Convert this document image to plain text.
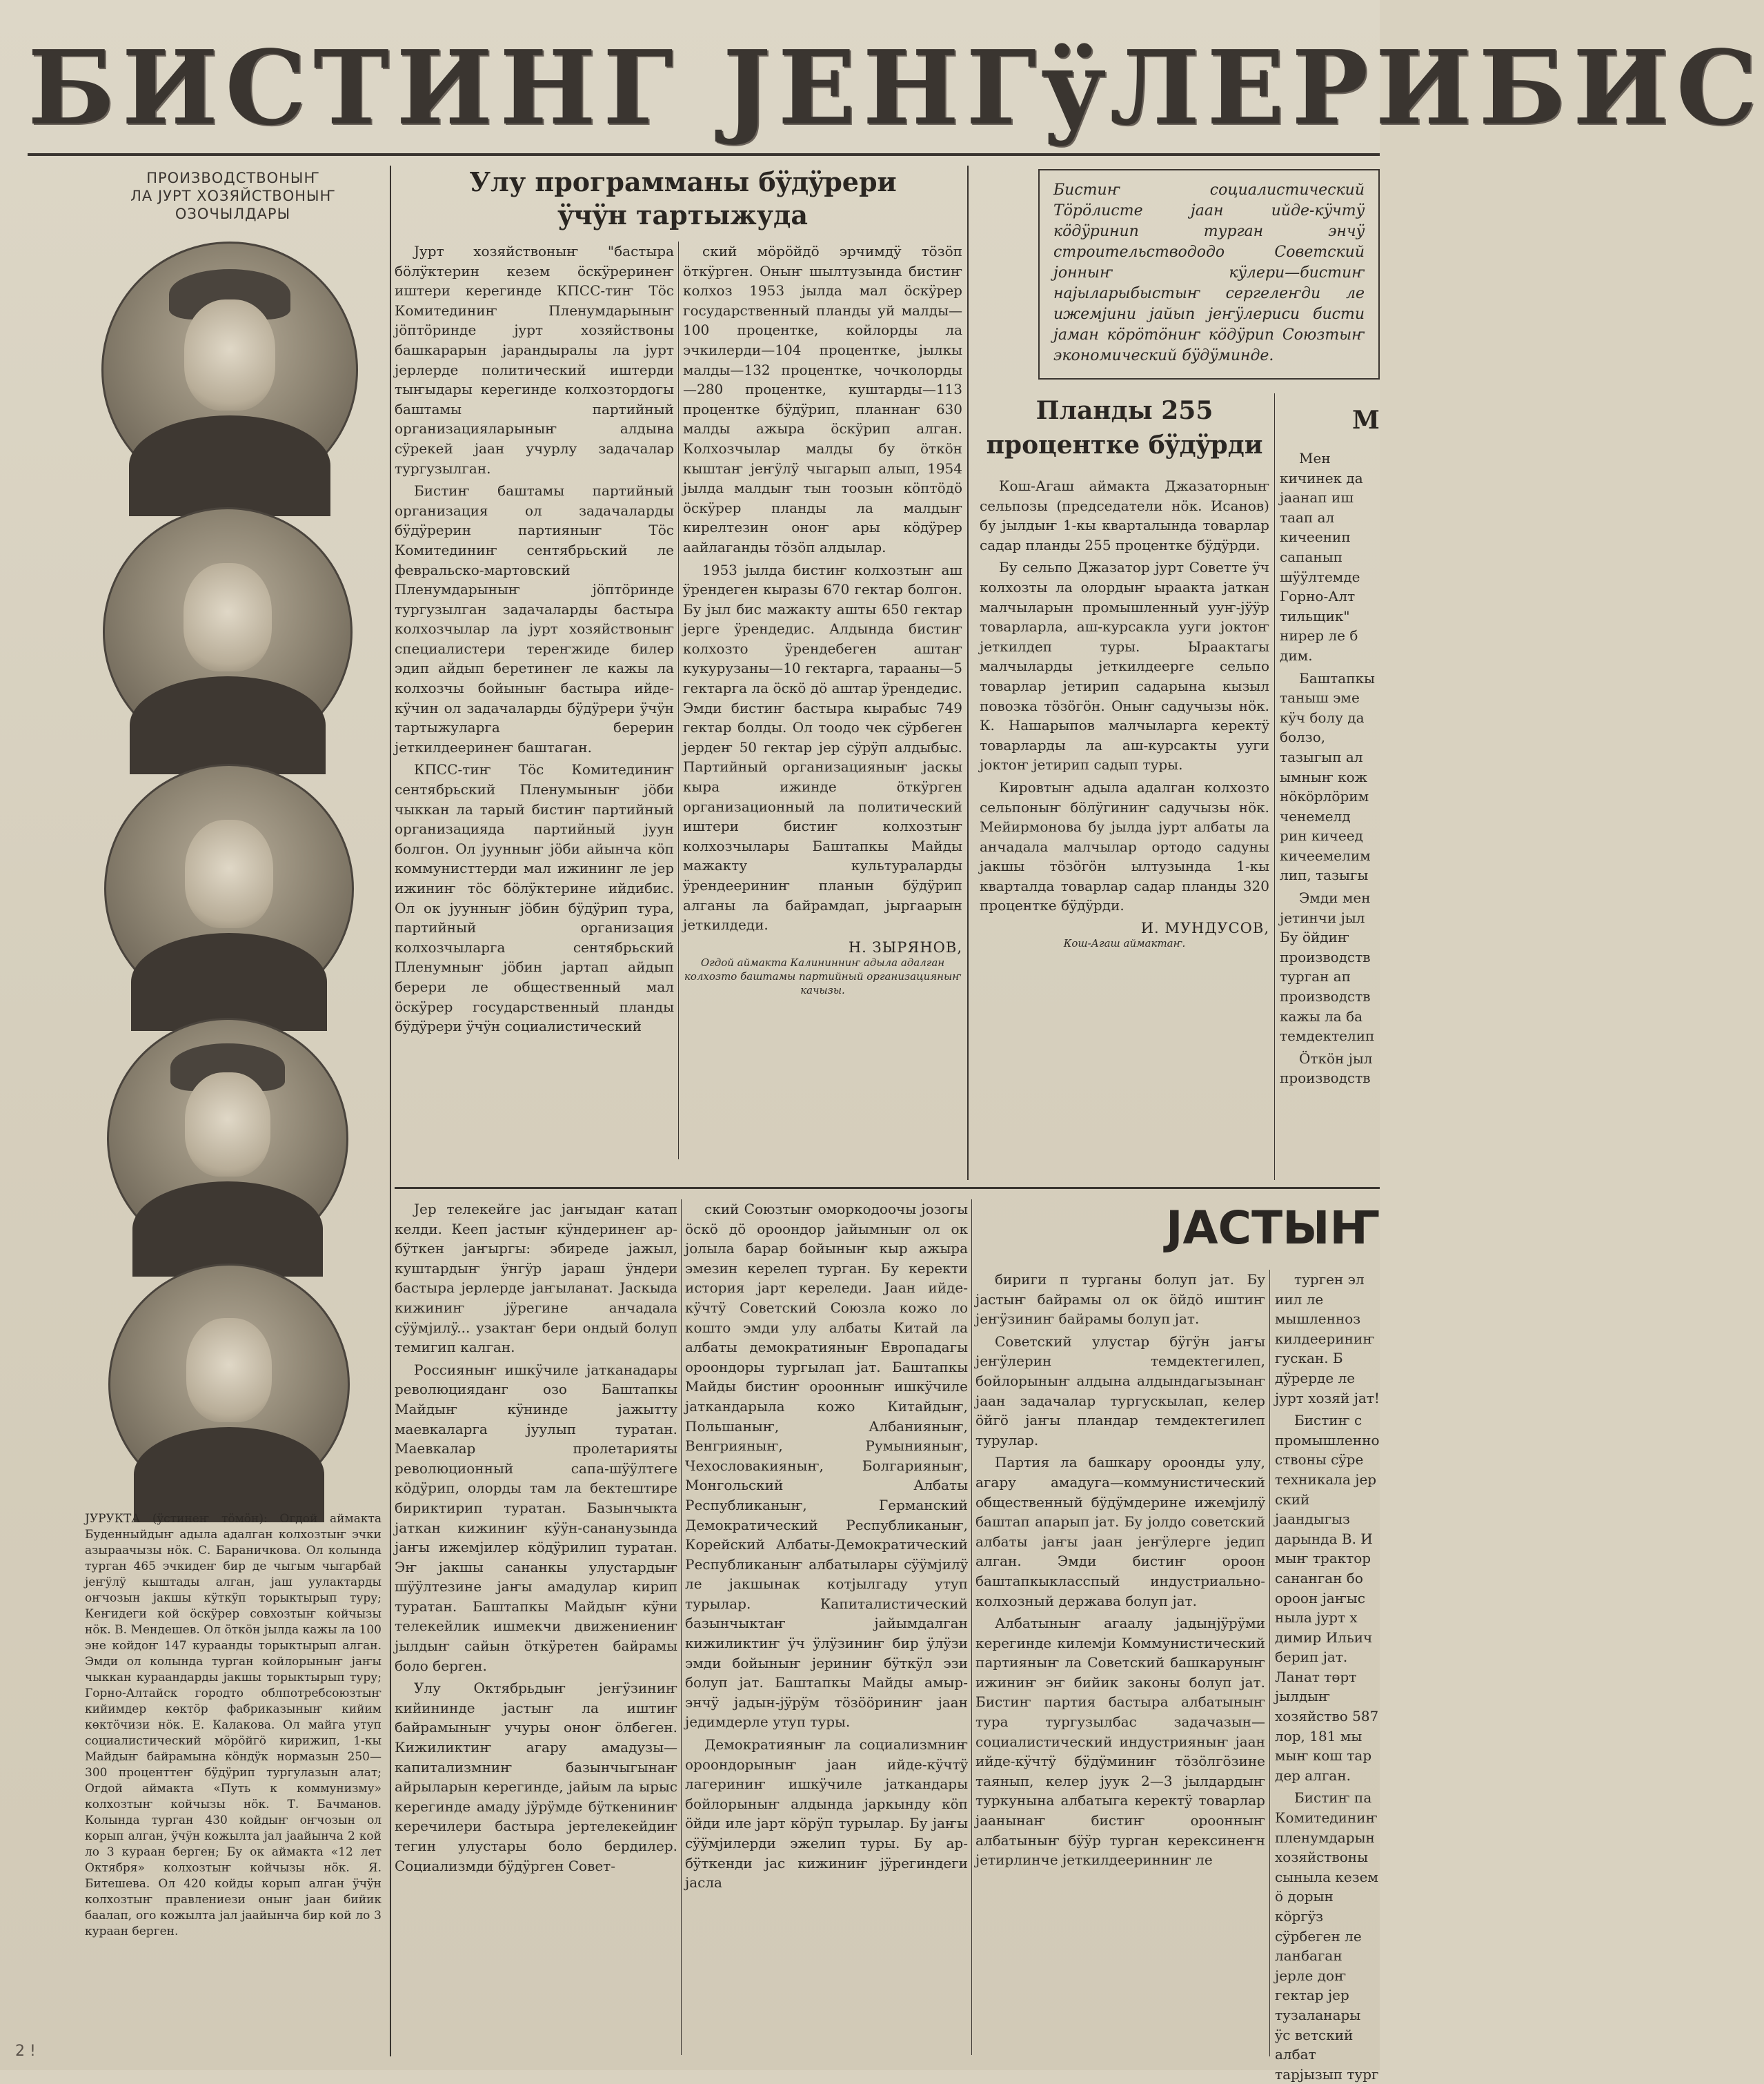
БИСТИНГ ЈЕНГÿЛЕРИБИС
ПРОИЗВОДСТВОНЫҤ
ЛА ЈУРТ ХОЗЯЙСТВОНЫҤ
ОЗОЧЫЛДАРЫ
ЈУРУКТА (ÿстинеҥ тöмöн): Огдой аймакта Буденныйдыҥ адыла адалган колхозтыҥ эчки азыраачызы нöк. С. Бараничкова. Ол колында турган 465 эчкидеҥ бир де чыгым чыгарбай јеҥÿлÿ кыштады алган, јаш уулактарды оҥчозын јакшы кÿткÿп торыктырып туру; Кеҥидеги кой öскÿрер совхозтыҥ койчызы нöк. В. Мендешев. Ол öткöн јылда кажы ла 100 эне койдоҥ 147 кураанды торыктырып алган. Эмди ол колында турган койлорыныҥ јаҥы чыккан кураандарды јакшы торыктырып туру; Горно-Алтайск городто облпотребсоюзтыҥ кийимдер көктöр фабриказыныҥ кийим көктöчизи нöк. Е. Калакова. Ол майга утуп социалистический мöрöйгö кирижип, 1-кы Майдыҥ байрамына кöндÿк нормазын 250—300 проценттеҥ бÿдÿрип тургулазын алат; Огдой аймакта «Путь к коммунизму» колхозтыҥ койчызы нöк. Т. Бачманов. Колында турган 430 койдыҥ оҥчозын ол корып алган, ÿчÿн кожылта јал јаайынча 2 кой ло 3 кураан берген; Бу ок аймакта «12 лет Октября» колхозтыҥ койчызы нöк. Я. Битешева. Ол 420 койды корып алган ÿчÿн колхозтыҥ правлениези оныҥ јаан бийик баалап, ого кожылта јал јаайынча бир кой ло 3 кураан берген.
Улу программаны бÿдÿрери ÿчÿн тартыжуда

Јурт хозяйствоныҥ "бастыра бöлÿктерин кезем öскÿреринеҥ иштери керегинде КПСС-тиҥ Тöс Комитединиҥ Пленумдарыныҥ јöптöринде јурт хозяйствоны башкарарын јарандыралы ла јурт јерлерде политический иштерди тыҥыдары керегинде колхозтордогы баштамы партийный организацияларыныҥ алдына сÿрекей јаан учурлу задачалар тургузылган.

Бистиҥ баштамы партийный организация ол задачаларды бÿдÿрерин партияныҥ Тöс Комитединиҥ сентябрьский ле февральско-мартовский Пленумдарыныҥ јöптöринде тургузылган задачаларды бастыра колхозчылар ла јурт хозяйствоныҥ специалистери тереҥжиде билер эдип айдып беретинеҥ ле кажы ла колхозчы бойыныҥ бастыра ийде-кÿчин ол задачаларды бÿдÿрери ÿчÿн тартыжуларга берерин јеткилдееринеҥ баштаган.

КПСС-тиҥ Тöс Комитединиҥ сентябрьский Пленумыныҥ јöби чыккан ла тарый бистиҥ партийный организацияда партийный јуун болгон. Ол јуунныҥ јöби айынча кöп коммунисттерди мал ижининг ле јер ижиниҥ тöс бöлÿктерине ийдибис. Ол ок јуунныҥ јöбин бÿдÿрип тура, партийный организация колхозчыларга сентябрьский Пленумныҥ јöбин јартап айдып берери ле общественный мал öскÿрер государственный планды бÿдÿрери ÿчÿн социалистический

ский мöрöйдö эрчимдÿ тöзöп öткÿрген. Оныҥ шылтузында бистиҥ колхоз 1953 јылда мал öскÿрер государственный планды уй малды—100 процентке, койлорды ла эчкилерди—104 процентке, јылкы малды—132 процентке, чочколорды—280 процентке, куштарды—113 процентке бÿдÿрип, планнаҥ 630 малды ажыра öскÿрип алган. Колхозчылар малды бу öткöн кыштаҥ јеҥÿлÿ чыгарып алып, 1954 јылда малдыҥ тын тоозын кöптöдö öскÿрер планды ла малдыҥ кирелтезин оноҥ ары кöдÿрер аайлаганды тöзöп алдылар.

1953 јылда бистиҥ колхозтыҥ аш ÿрендеген кыразы 670 гектар болгон. Бу јыл бис мажакту ашты 650 гектар јерге ÿрендедис. Алдында бистиҥ колхозто ÿрендебеген аштаҥ кукурузаны—10 гектарга, тарааны—5 гектарга ла öскö дö аштар ÿрендедис. Эмди бистиҥ бастыра кырабыс 749 гектар болды. Ол тоодо чек сÿрбеген јердеҥ 50 гектар јер сÿрÿп алдыбыс. Партийный организацияныҥ јаскы кыра ижинде öткÿрген организационный ла политический иштери бистиҥ колхозтыҥ колхозчылары Баштапкы Майды мажакту культураларды ÿрендеериниҥ планын бÿдÿрип алганы ла байрамдап, јыргаарын јеткилдеди.

Н. ЗЫРЯНОВ,
Огдой аймакта Калининниҥ адыла адалган колхозто баштамы партийный организацияныҥ качызы.
Бистиҥ социалистический Тöрöлисте јаан ийде-кÿчтÿ кöдÿринип турган энчÿ строительствододо Советский јонныҥ кÿлери—бистиҥ најыларыбыстыҥ сергелеҥди ле ижемјини јайып јеҥÿлериси бисти јаман кöрöтöниҥ кöдÿрип Союзтыҥ экономический бÿдÿминде.
Планды 255 процентке бÿдÿрди

Кош-Агаш аймакта Джазаторныҥ сельпозы (председатели нöк. Исанов) бу јылдыҥ 1-кы кварталында товарлар садар планды 255 процентке бÿдÿрди.

Бу сельпо Джазатор јурт Советте ÿч колхозты ла олордыҥ ыраакта јаткан малчыларын промышленный ууҥ-јÿÿр товарларла, аш-курсакла ууги јоктоҥ јеткилдеп туры. Ыраактагы малчыларды јеткилдеерге сельпо товарлар јетирип садарына кызыл повозка тöзöгöн. Оныҥ садучызы нöк. К. Нашарыпов малчыларга керектÿ товарларды ла аш-курсакты ууги јоктоҥ јетирип садып туры.

Кировтыҥ адыла адалган колхозто сельпоныҥ бöлÿгиниҥ садучызы нöк. Мейирмонова бу јылда јурт албаты ла анчадала малчылар ортодо садуны јакшы тöзöгöн ылтузында 1-кы кварталда товарлар садар планды 320 процентке бÿдÿрди.

И. МУНДУСОВ,
Кош-Агаш аймактаҥ.
М

Мен кичинек да јаанап иш таап ал кичеенип сапанып шÿÿлтемде Горно-Алт тильщик" нирер ле б дим.

Баштапкы таныш эме кÿч болу да болзо, тазыгып ал ымныҥ кож нöкöрлöрим ченемелд рин кичеед кичеемелим лип, тазыгы

Эмди мен јетинчи јыл Бу öйдиҥ производств турган ап производств кажы ла ба темдектелип

Öткöн јыл производств

ЈАСТЫҤ

Јер телекейге јас јаҥыдаҥ катап келди. Кееп јастыҥ кÿндеринеҥ ар-бÿткен јаҥыргы: эбиреде јажыл, куштардыҥ ÿнгÿр јараш ÿндери бастыра јерлерде јаҥыланат. Јаскыда кижиниҥ јÿрегине анчадала сÿÿмјилÿ... узактаҥ бери ондый болуп темигип калган.

Россияныҥ ишкÿчиле јатканадары революцияданг озо Баштапкы Майдыҥ кÿнинде јажытту маевкаларга јуулып туратан. Маевкалар пролетарияты революционный сапа-шÿÿлтеге кöдÿрип, олорды там ла бектештире бириктирип туратан. Базынчыкта јаткан кижиниҥ кÿÿн-сананузында јаҥы ижемјилер кöдÿрилип туратан. Эҥ јакшы сананкы улустардыҥ шÿÿлтезине јаҥы амадулар кирип туратан. Баштапкы Майдыҥ кÿни телекейлик ишмекчи движениениҥ јылдыҥ сайын öткÿретен байрамы боло берген.

Улу Октябрьдыҥ јеҥÿзиниҥ кийининде јастыҥ ла иштиҥ байрамыныҥ учуры оноҥ öлбеген. Кижиликтиҥ агару амадузы—капитализмниҥ базынчыгынаҥ айрыларын керегинде, јайым ла ырыс керегинде амаду јÿрÿмде бÿткениниҥ керечилери бастыра јертелекейдиҥ тегин улустары боло бердилер. Социализмди бÿдÿрген Совет-

ский Союзтыҥ оморкодоочы јозогы öскö дö ороондор јайымныҥ ол ок јолыла барар бойыныҥ кыр ажыра эмезин керелеп турган. Бу керекти история јарт кереледи. Јаан ийде-кÿчтÿ Советский Союзла кожо ло кошто эмди улу албаты Китай ла албаты демократияныҥ Европадагы ороондоры тургылап јат. Баштапкы Майды бистиҥ ороонныҥ ишкÿчиле јаткандарыла кожо Китайдыҥ, Польшаныҥ, Албанияныҥ, Венгрияныҥ, Румынияныҥ, Чехословакияныҥ, Болгарияныҥ, Монгольский Албаты Республиканыҥ, Германский Демократический Республиканыҥ, Корейский Албаты-Демократический Республиканыҥ албатылары сÿÿмјилÿ ле јакшынак котјылгаду утуп турылар. Капиталистический базынчыктаҥ јайымдалган кижиликтиҥ ÿч ÿлÿзиниҥ бир ÿлÿзи эмди бойыныҥ јериниҥ бÿткÿл эзи болуп јат. Баштапкы Майды амыр-энчÿ јадын-јÿрÿм тöзööриниҥ јаан једимдерле утуп туры.

Демократияныҥ ла социализмниҥ ороондорыныҥ јаан ийде-кÿчтÿ лагериниҥ ишкÿчиле јаткандары бойлорыныҥ алдында јаркынду кöп öйди иле јарт кöрÿп турылар. Бу јаҥы сÿÿмјилерди эжелип туры. Бу ар-бÿткенди јас кижиниҥ јÿрегиндеги јасла

бириги п турганы болуп јат. Бу јастыҥ байрамы ол ок öйдö иштиҥ јеҥÿзиниҥ байрамы болуп јат.

Советский улустар бÿгÿн јаҥы јеҥÿлерин темдектегилеп, бойлорыныҥ алдына алдындагызынаҥ јаан задачалар тургускылап, келер öйгö јаҥы пландар темдектегилеп турулар.

Партия ла башкару ороонды улу, агару амадуга—коммунистический общественный бÿдÿмдерине ижемјилÿ баштап апарып јат. Бу јолдо советский албаты јаҥы јаан јеҥÿлерге једип алган. Эмди бистиҥ ороон баштапкыкласспый индустриально-колхозный держава болуп јат.

Албатыныҥ агаалу јадынјÿрÿми керегинде килемји Коммунистический партияныҥ ла Советский башкаруныҥ ижиниҥ эҥ бийик законы болуп јат. Бистиҥ партия бастыра албатыныҥ тура тургузылбас задачазын—социалистический индустрияныҥ јаан ийде-кÿчтÿ бÿдÿминиҥ тöзöлгöзине таянып, келер јуук 2—3 јылдардыҥ туркунына албатыга керектÿ товарлар јаанынаҥ бистиҥ ороонныҥ албатыныҥ бÿÿр турган керексинеҥн јетирлинче јеткилдееринниҥ ле

турген эл иил ле мышленноз килдеериниҥ гускан. Б дÿрерде ле јурт хозяй јат!

Бистиҥ с промышленно ствоны сÿре техникала јер ский јаандыгыз дарында В. И мыҥ трактор сананган бо ороон јаҥыс ныла јурт х димир Ильич берип јат. Ланат төрт јылдыҥ хозяйство 587 лор, 181 мы мыҥ кош тар дер алган.

Бистиҥ па Комитединиҥ пленумдарын хозяйствоны сыныла кезем ö дорын кöргÿз сÿрбеген ле ланбаган јерле доҥ гектар јер тузаланары ÿс ветский албат тарјызып тург

2 !
